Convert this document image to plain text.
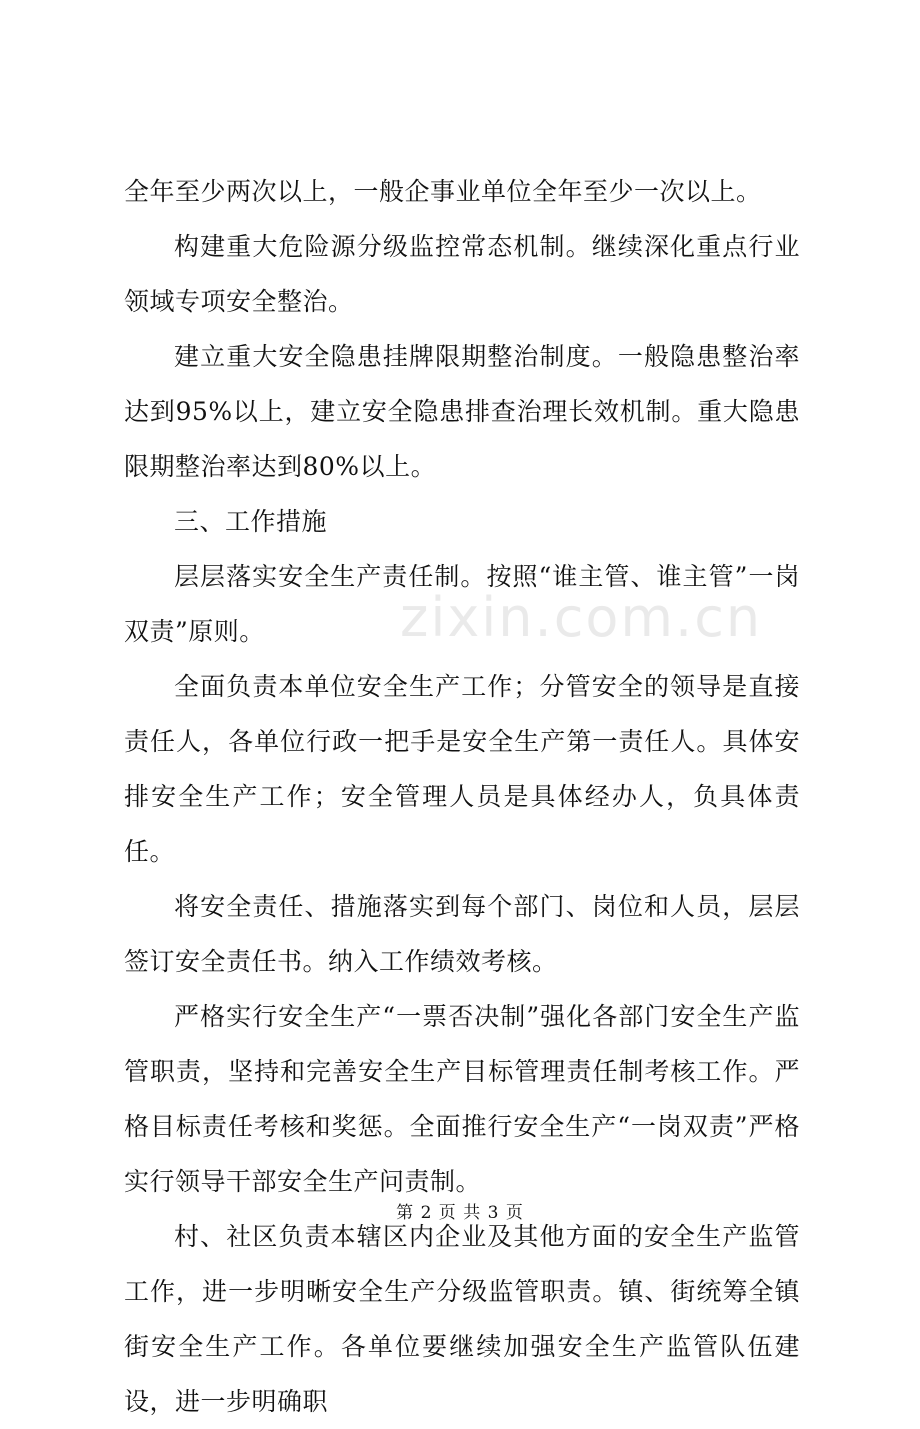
全年至少两次以上，一般企事业单位全年至少一次以上。

构建重大危险源分级监控常态机制。继续深化重点行业领域专项安全整治。

建立重大安全隐患挂牌限期整治制度。一般隐患整治率达到95%以上，建立安全隐患排查治理长效机制。重大隐患限期整治率达到80%以上。

三、工作措施

层层落实安全生产责任制。按照“谁主管、谁主管”一岗双责”原则。

全面负责本单位安全生产工作；分管安全的领导是直接责任人，各单位行政一把手是安全生产第一责任人。具体安排安全生产工作；安全管理人员是具体经办人，负具体责任。

将安全责任、措施落实到每个部门、岗位和人员，层层签订安全责任书。纳入工作绩效考核。

严格实行安全生产“一票否决制”强化各部门安全生产监管职责，坚持和完善安全生产目标管理责任制考核工作。严格目标责任考核和奖惩。全面推行安全生产“一岗双责”严格实行领导干部安全生产问责制。

村、社区负责本辖区内企业及其他方面的安全生产监管工作，进一步明晰安全生产分级监管职责。镇、街统筹全镇街安全生产工作。各单位要继续加强安全生产监管队伍建设，进一步明确职

zixin.com.cn
第 2 页 共 3 页
